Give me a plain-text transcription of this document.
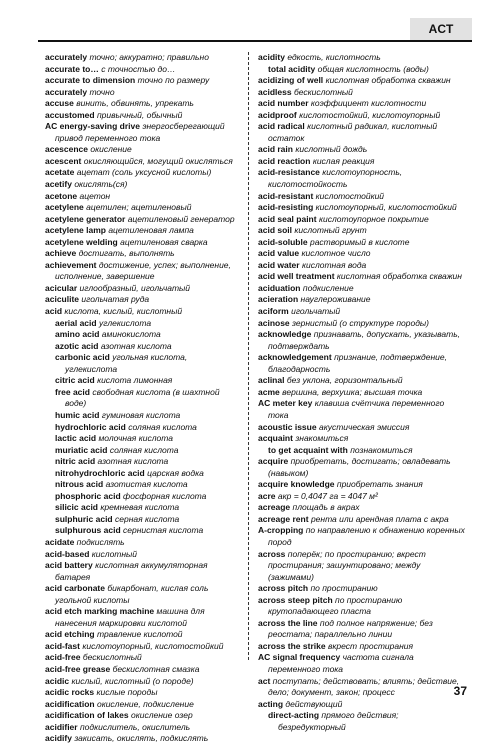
ACT
accurately точно; аккуратно; правильно
accurate to… с точностью до…
accurate to dimension точно по размеру
accurately точно
accuse винить, обвинять, упрекать
accustomed привычный, обычный
AC energy-saving drive энергосберегающий привод переменного тока
acescence окисление
acescent окисляющийся, могущий окисляться
acetate ацетат (соль уксусной кислоты)
acetify окислять(ся)
acetone ацетон
acetylene ацетилен; ацетиленовый
acetylene generator ацетиленовый генератор
acetylene lamp ацетиленовая лампа
acetylene welding ацетиленовая сварка
achieve достигать, выполнять
achievement достижение, успех; выполнение, исполнение, завершение
acicular иглообразный, игольчатый
aciculite игольчатая руда
acid кислота, кислый, кислотный
aerial acid углекислота
amino acid аминокислота
azotic acid азотная кислота
carbonic acid угольная кислота, углекислота
citric acid кислота лимонная
free acid свободная кислота (в шахтной воде)
humic acid гуминовая кислота
hydrochloric acid соляная кислота
lactic acid молочная кислота
muriatic acid соляная кислота
nitric acid азотная кислота
nitrohydrochloric acid царская водка
nitrous acid азотистая кислота
phosphoric acid фосфорная кислота
silicic acid кремневая кислота
sulphuric acid серная кислота
sulphurous acid сернистая кислота
acidate подкислять
acid-based кислотный
acid battery кислотная аккумуляторная батарея
acid carbonate бикарбонат, кислая соль угольной кислоты
acid etch marking machine машина для нанесения маркировки кислотой
acid etching травление кислотой
acid-fast кислотоупорный, кислотостойкий
acid-free бескислотный
acid-free grease бескислотная смазка
acidic кислый, кислотный (о породе)
acidic rocks кислые породы
acidification окисление, подкисление
acidification of lakes окисление озер
acidifier подкислитель, окислитель
acidify закисать, окислять, подкислять
acidity едкость, кислотность
total acidity общая кислотность (воды)
acidizing of well кислотная обработка скважин
acidless бескислотный
acid number коэффициент кислотности
acidproof кислотостойкий, кислотоупорный
acid radical кислотный радикал, кислотный остаток
acid rain кислотный дождь
acid reaction кислая реакция
acid-resistance кислотоупорность, кислотостойкость
acid-resistant кислотостойкий
acid-resisting кислотоупорный, кислотостойкий
acid seal paint кислотоупорное покрытие
acid soil кислотный грунт
acid-soluble растворимый в кислоте
acid value кислотное число
acid water кислотная вода
acid well treatment кислотная обработка скважин
aciduation подкисление
acieration науглероживание
aciform игольчатый
acinose зернистый (о структуре породы)
acknowledge признавать, допускать, указывать, подтверждать
acknowledgement признание, подтверждение, благодарность
aclinal без уклона, горизонтальный
acme вершина, верхушка; высшая точка
AC meter key клавиша счётчика переменного тока
acoustic issue акустическая эмиссия
acquaint знакомиться
to get acquaint with познакомиться
acquire приобретать, достигать; овладевать (навыком)
acquire knowledge приобретать знания
acre акр = 0,4047 га = 4047 м²
acreage площадь в акрах
acreage rent рента или арендная плата с акра
A-cropping по направлению к обнажению коренных пород
across поперёк; по простиранию; вкрест простирания; зашунтировано; между (зажимами)
across pitch по простиранию
across steep pitch по простиранию крутопадающего пласта
across the line под полное напряжение; без реостата; параллельно линии
across the strike вкрест простирания
AC signal frequency частота сигнала переменного тока
act поступать; действовать; влиять; действие, дело; документ, закон; процесс
acting действующий
direct-acting прямого действия; безредукторный
37
